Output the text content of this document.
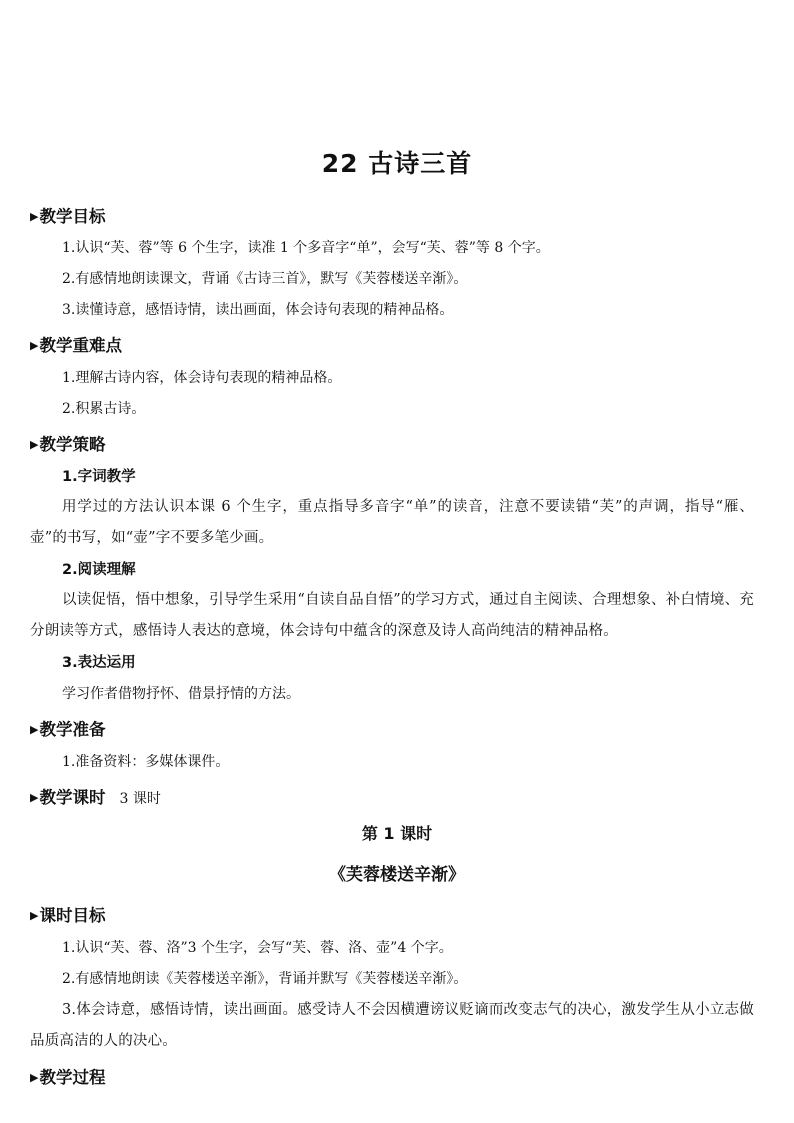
22 古诗三首
▶教学目标
1.认识“芙、蓉”等 6 个生字，读准 1 个多音字“单”，会写“芙、蓉”等 8 个字。
2.有感情地朗读课文，背诵《古诗三首》，默写《芙蓉楼送辛渐》。
3.读懂诗意，感悟诗情，读出画面，体会诗句表现的精神品格。
▶教学重难点
1.理解古诗内容，体会诗句表现的精神品格。
2.积累古诗。
▶教学策略
1.字词教学
用学过的方法认识本课 6 个生字，重点指导多音字“单”的读音，注意不要读错“芙”的声调，指导“雁、壶”的书写，如“壶”字不要多笔少画。
2.阅读理解
以读促悟，悟中想象，引导学生采用“自读自品自悟”的学习方式，通过自主阅读、合理想象、补白情境、充分朗读等方式，感悟诗人表达的意境，体会诗句中蕴含的深意及诗人高尚纯洁的精神品格。
3.表达运用
学习作者借物抒怀、借景抒情的方法。
▶教学准备
1.准备资料：多媒体课件。
▶教学课时 3 课时
第 1 课时
《芙蓉楼送辛渐》
▶课时目标
1.认识“芙、蓉、洛”3 个生字，会写“芙、蓉、洛、壶”4 个字。
2.有感情地朗读《芙蓉楼送辛渐》，背诵并默写《芙蓉楼送辛渐》。
3.体会诗意，感悟诗情，读出画面。感受诗人不会因横遭谤议贬谪而改变志气的决心，激发学生从小立志做品质高洁的人的决心。
▶教学过程
